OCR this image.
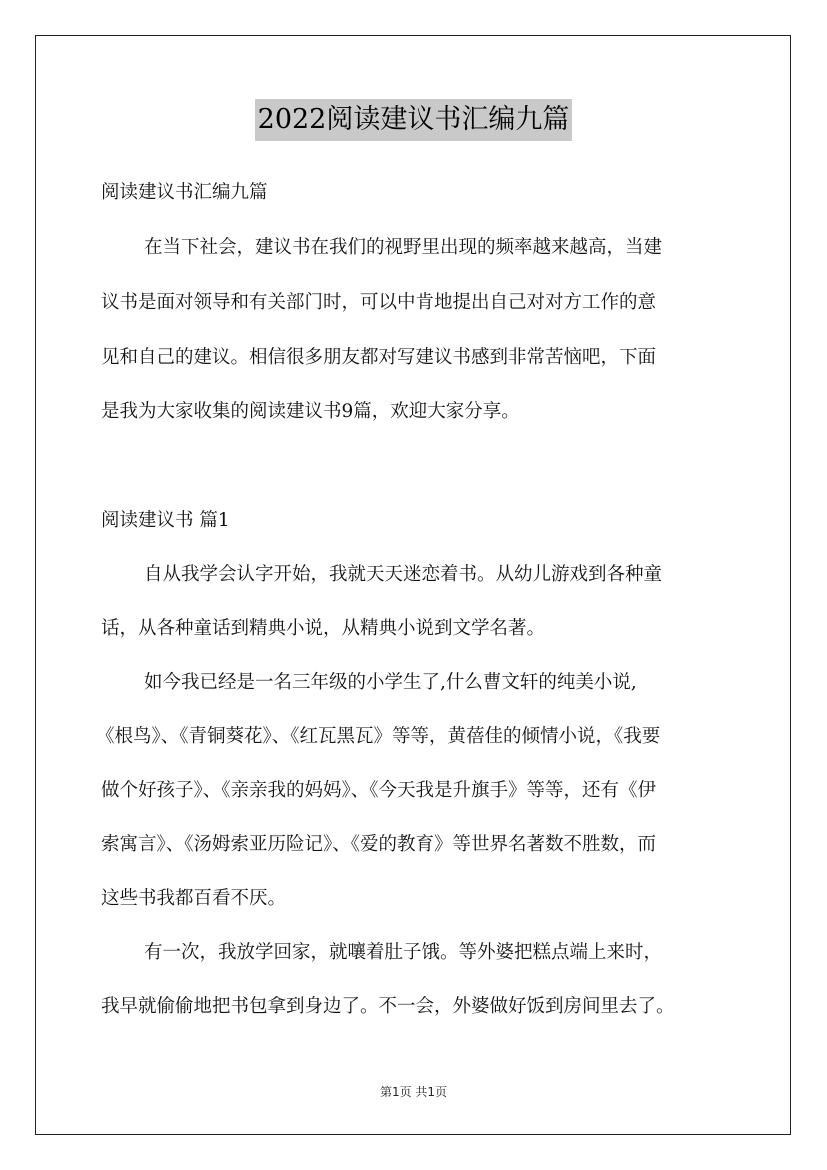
2022阅读建议书汇编九篇
阅读建议书汇编九篇
在当下社会，建议书在我们的视野里出现的频率越来越高，当建
议书是面对领导和有关部门时，可以中肯地提出自己对对方工作的意
见和自己的建议。相信很多朋友都对写建议书感到非常苦恼吧，下面
是我为大家收集的阅读建议书9篇，欢迎大家分享。
阅读建议书 篇1
自从我学会认字开始，我就天天迷恋着书。从幼儿游戏到各种童
话，从各种童话到精典小说，从精典小说到文学名著。
如今我已经是一名三年级的小学生了,什么曹文轩的纯美小说,
《根鸟》、《青铜葵花》、《红瓦黑瓦》等等，黄蓓佳的倾情小说，《我要
做个好孩子》、《亲亲我的妈妈》、《今天我是升旗手》等等，还有《伊
索寓言》、《汤姆索亚历险记》、《爱的教育》等世界名著数不胜数，而
这些书我都百看不厌。
有一次，我放学回家，就嚷着肚子饿。等外婆把糕点端上来时，
我早就偷偷地把书包拿到身边了。不一会，外婆做好饭到房间里去了。
第1页 共1页
